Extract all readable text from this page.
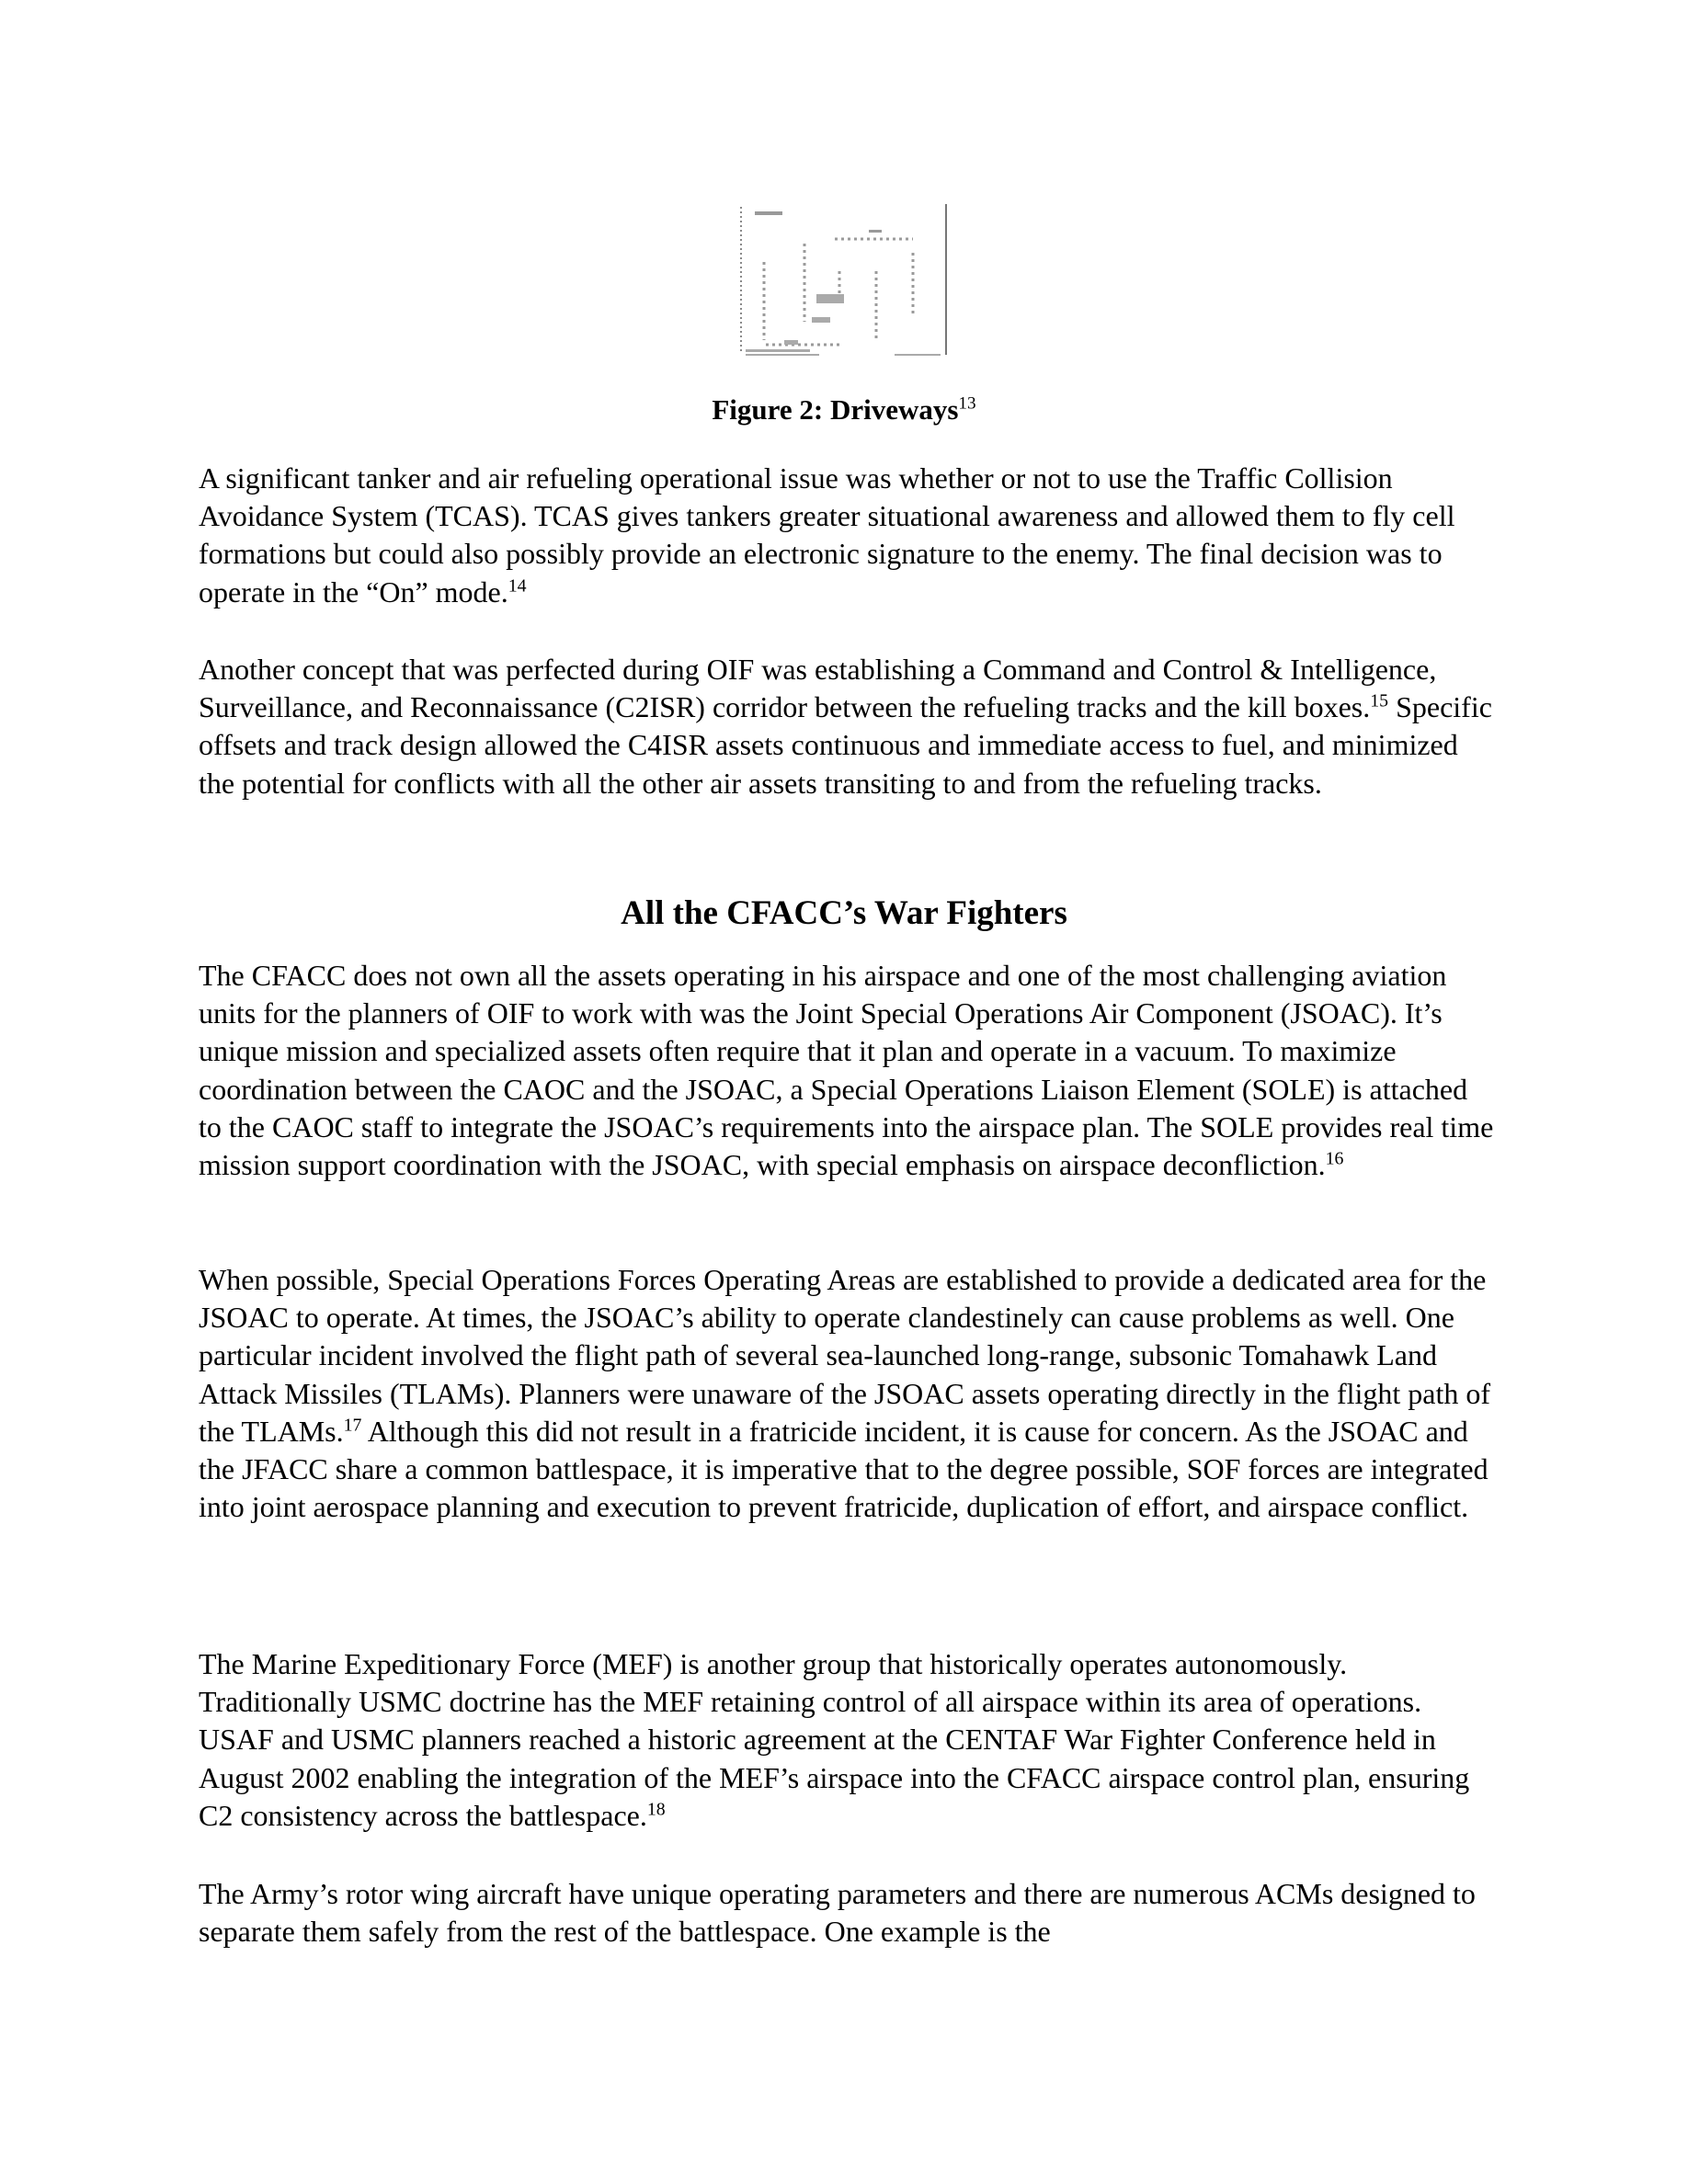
Figure 2: Driveways$^{13}$

A significant tanker and air refueling operational issue was whether or not to use the Traffic Collision Avoidance System (TCAS). TCAS gives tankers greater situational awareness and allowed them to fly cell formations but could also possibly provide an electronic signature to the enemy. The final decision was to operate in the “On” mode.$^{14}$

Another concept that was perfected during OIF was establishing a Command and Control & Intelligence, Surveillance, and Reconnaissance (C2ISR) corridor between the refueling tracks and the kill boxes.$^{15}$ Specific offsets and track design allowed the C4ISR assets continuous and immediate access to fuel, and minimized the potential for conflicts with all the other air assets transiting to and from the refueling tracks.

All the CFACC’s War Fighters

The CFACC does not own all the assets operating in his airspace and one of the most challenging aviation units for the planners of OIF to work with was the Joint Special Operations Air Component (JSOAC). It’s unique mission and specialized assets often require that it plan and operate in a vacuum. To maximize coordination between the CAOC and the JSOAC, a Special Operations Liaison Element (SOLE) is attached to the CAOC staff to integrate the JSOAC’s requirements into the airspace plan. The SOLE provides real time mission support coordination with the JSOAC, with special emphasis on airspace deconfliction.$^{16}$

When possible, Special Operations Forces Operating Areas are established to provide a dedicated area for the JSOAC to operate. At times, the JSOAC’s ability to operate clandestinely can cause problems as well. One particular incident involved the flight path of several sea-launched long-range, subsonic Tomahawk Land Attack Missiles (TLAMs). Planners were unaware of the JSOAC assets operating directly in the flight path of the TLAMs.$^{17}$ Although this did not result in a fratricide incident, it is cause for concern. As the JSOAC and the JFACC share a common battlespace, it is imperative that to the degree possible, SOF forces are integrated into joint aerospace planning and execution to prevent fratricide, duplication of effort, and airspace conflict.

The Marine Expeditionary Force (MEF) is another group that historically operates autonomously. Traditionally USMC doctrine has the MEF retaining control of all airspace within its area of operations. USAF and USMC planners reached a historic agreement at the CENTAF War Fighter Conference held in August 2002 enabling the integration of the MEF’s airspace into the CFACC airspace control plan, ensuring C2 consistency across the battlespace.$^{18}$

The Army’s rotor wing aircraft have unique operating parameters and there are numerous ACMs designed to separate them safely from the rest of the battlespace. One example is the
